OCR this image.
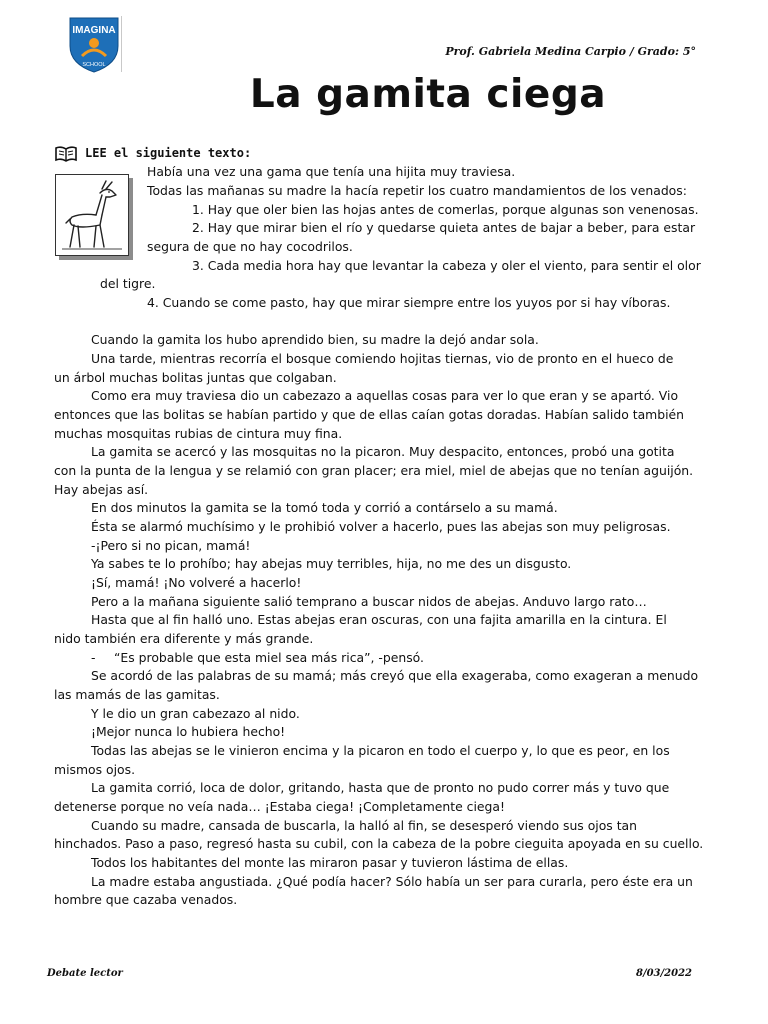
IMAGINA
SCHOOL
Prof. Gabriela Medina Carpio / Grado: 5°
La gamita ciega
LEE el siguiente texto:
Había una vez una gama que tenía una hijita muy traviesa.
Todas las mañanas su madre la hacía repetir los cuatro mandamientos de los venados:
1. Hay que oler bien las hojas antes de comerlas, porque algunas son venenosas.
2. Hay que mirar bien el río y quedarse quieta antes de bajar a beber, para estar
segura de que no hay cocodrilos.
3. Cada media hora hay que levantar la cabeza y oler el viento, para sentir el olor
del tigre.
4. Cuando se come pasto, hay que mirar siempre entre los yuyos por si hay víboras.
Cuando la gamita los hubo aprendido bien, su madre la dejó andar sola.
Una tarde, mientras recorría el bosque comiendo hojitas tiernas, vio de pronto en el hueco de
un árbol muchas bolitas juntas que colgaban.
Como era muy traviesa dio un cabezazo a aquellas cosas para ver lo que eran y se apartó. Vio
entonces que las bolitas se habían partido y que de ellas caían gotas doradas. Habían salido también
muchas mosquitas rubias de cintura muy fina.
La gamita se acercó y las mosquitas no la picaron. Muy despacito, entonces, probó una gotita
con la punta de la lengua y se relamió con gran placer; era miel, miel de abejas que no tenían aguijón.
Hay abejas así.
En dos minutos la gamita se la tomó toda y corrió a contárselo a su mamá.
Ésta se alarmó muchísimo y le prohibió volver a hacerlo, pues las abejas son muy peligrosas.
-¡Pero si no pican, mamá!
Ya sabes te lo prohíbo; hay abejas muy terribles, hija, no me des un disgusto.
¡Sí, mamá! ¡No volveré a hacerlo!
Pero a la mañana siguiente salió temprano a buscar nidos de abejas. Anduvo largo rato…
Hasta que al fin halló uno. Estas abejas eran oscuras, con una fajita amarilla en la cintura. El
nido también era diferente y más grande.
- “Es probable que esta miel sea más rica”, -pensó.
Se acordó de las palabras de su mamá; más creyó que ella exageraba, como exageran a menudo
las mamás de las gamitas.
Y le dio un gran cabezazo al nido.
¡Mejor nunca lo hubiera hecho!
Todas las abejas se le vinieron encima y la picaron en todo el cuerpo y, lo que es peor, en los
mismos ojos.
La gamita corrió, loca de dolor, gritando, hasta que de pronto no pudo correr más y tuvo que
detenerse porque no veía nada… ¡Estaba ciega! ¡Completamente ciega!
Cuando su madre, cansada de buscarla, la halló al fin, se desesperó viendo sus ojos tan
hinchados. Paso a paso, regresó hasta su cubil, con la cabeza de la pobre cieguita apoyada en su cuello.
Todos los habitantes del monte las miraron pasar y tuvieron lástima de ellas.
La madre estaba angustiada. ¿Qué podía hacer? Sólo había un ser para curarla, pero éste era un
hombre que cazaba venados.
Debate lector	8/03/2022
